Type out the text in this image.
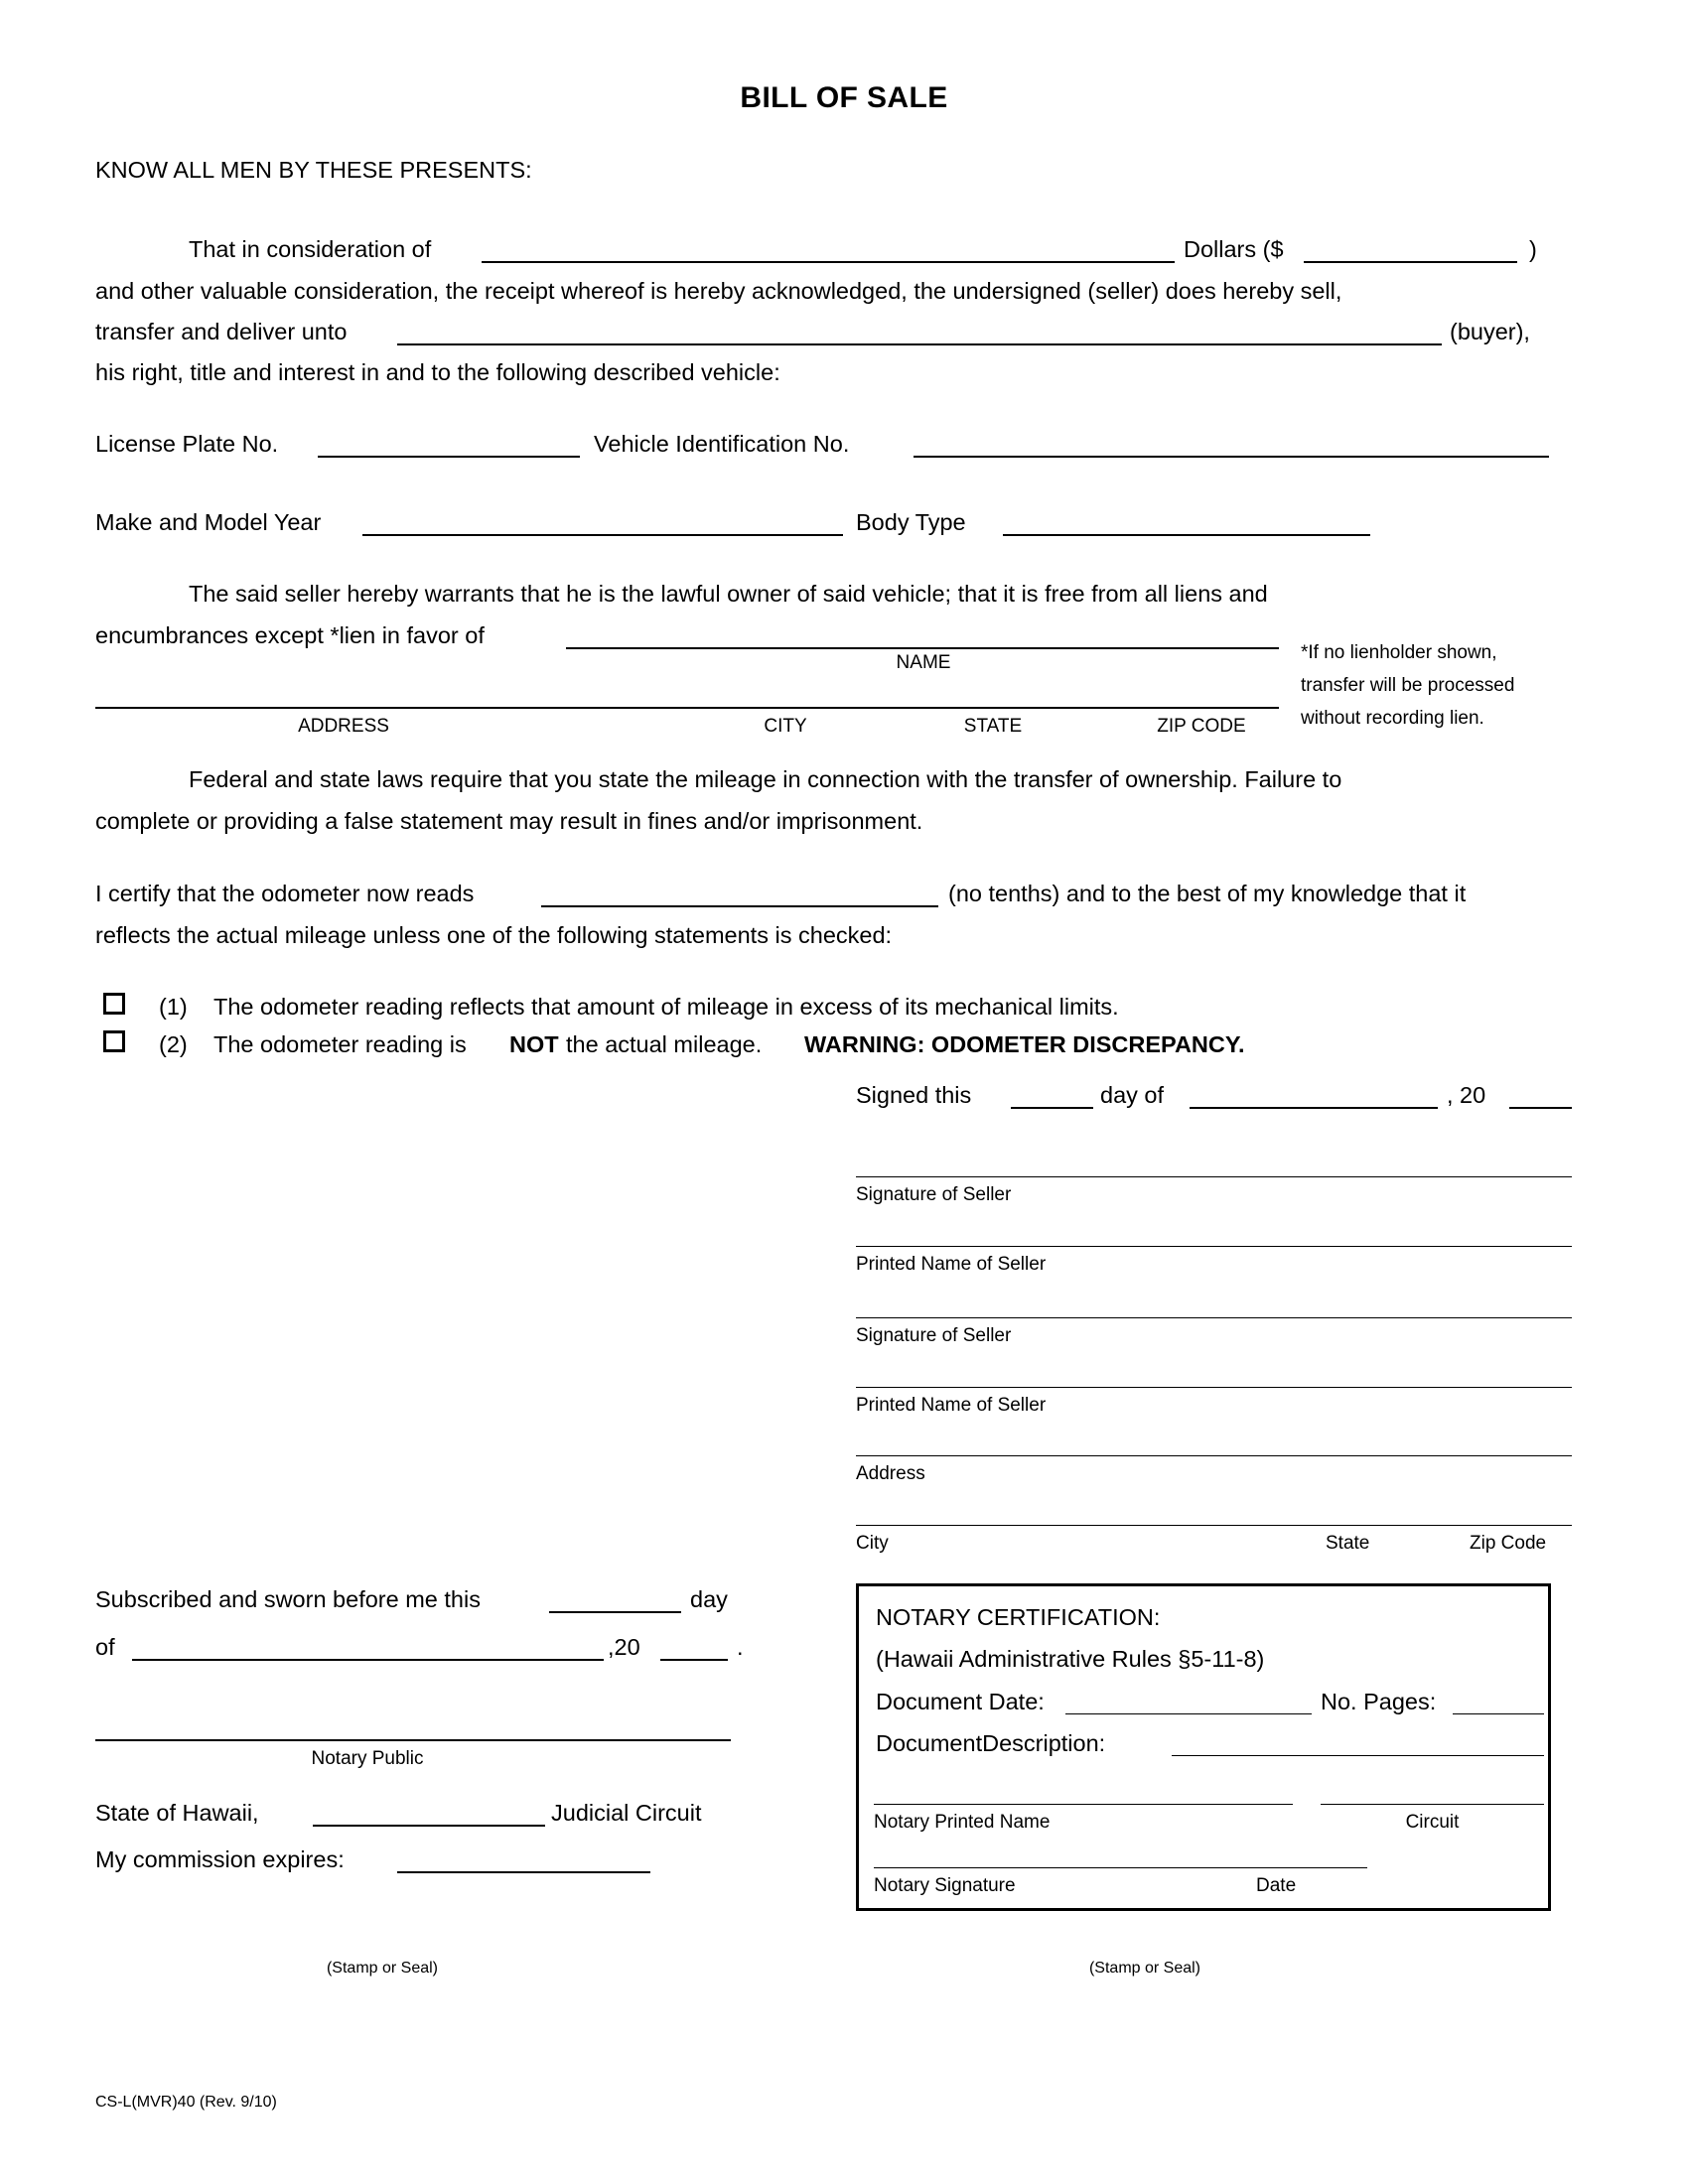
BILL OF SALE
KNOW ALL MEN BY THESE PRESENTS:
That in consideration of	Dollars ($	)
and other valuable consideration, the receipt whereof is hereby acknowledged, the undersigned (seller) does hereby sell,
transfer and deliver unto	(buyer),
his right, title and interest in and to the following described vehicle:
License Plate No.	Vehicle Identification No.
Make and Model Year	Body Type
The said seller hereby warrants that he is the lawful owner of said vehicle; that it is free from all liens and
encumbrances except *lien in favor of
NAME
ADDRESS	CITY	STATE	ZIP CODE
*If no lienholder shown,
transfer will be processed
without recording lien.
Federal and state laws require that you state the mileage in connection with the transfer of ownership. Failure to
complete or providing a false statement may result in fines and/or imprisonment.
I certify that the odometer now reads	(no tenths) and to the best of my knowledge that it
reflects the actual mileage unless one of the following statements is checked:
(1) The odometer reading reflects that amount of mileage in excess of its mechanical limits.
(2) The odometer reading is NOT the actual mileage. WARNING: ODOMETER DISCREPANCY.
Signed this	day of	, 20
Signature of Seller
Printed Name of Seller
Signature of Seller
Printed Name of Seller
Address
City	State	Zip Code
Subscribed and sworn before me this	day
of	,20	.
Notary Public
State of Hawaii,	Judicial Circuit
My commission expires:
NOTARY CERTIFICATION:
(Hawaii Administrative Rules §5-11-8)
Document Date:	No. Pages:
DocumentDescription:
Notary Printed Name	Circuit
Notary Signature	Date
(Stamp or Seal)	(Stamp or Seal)
CS-L(MVR)40 (Rev. 9/10)
